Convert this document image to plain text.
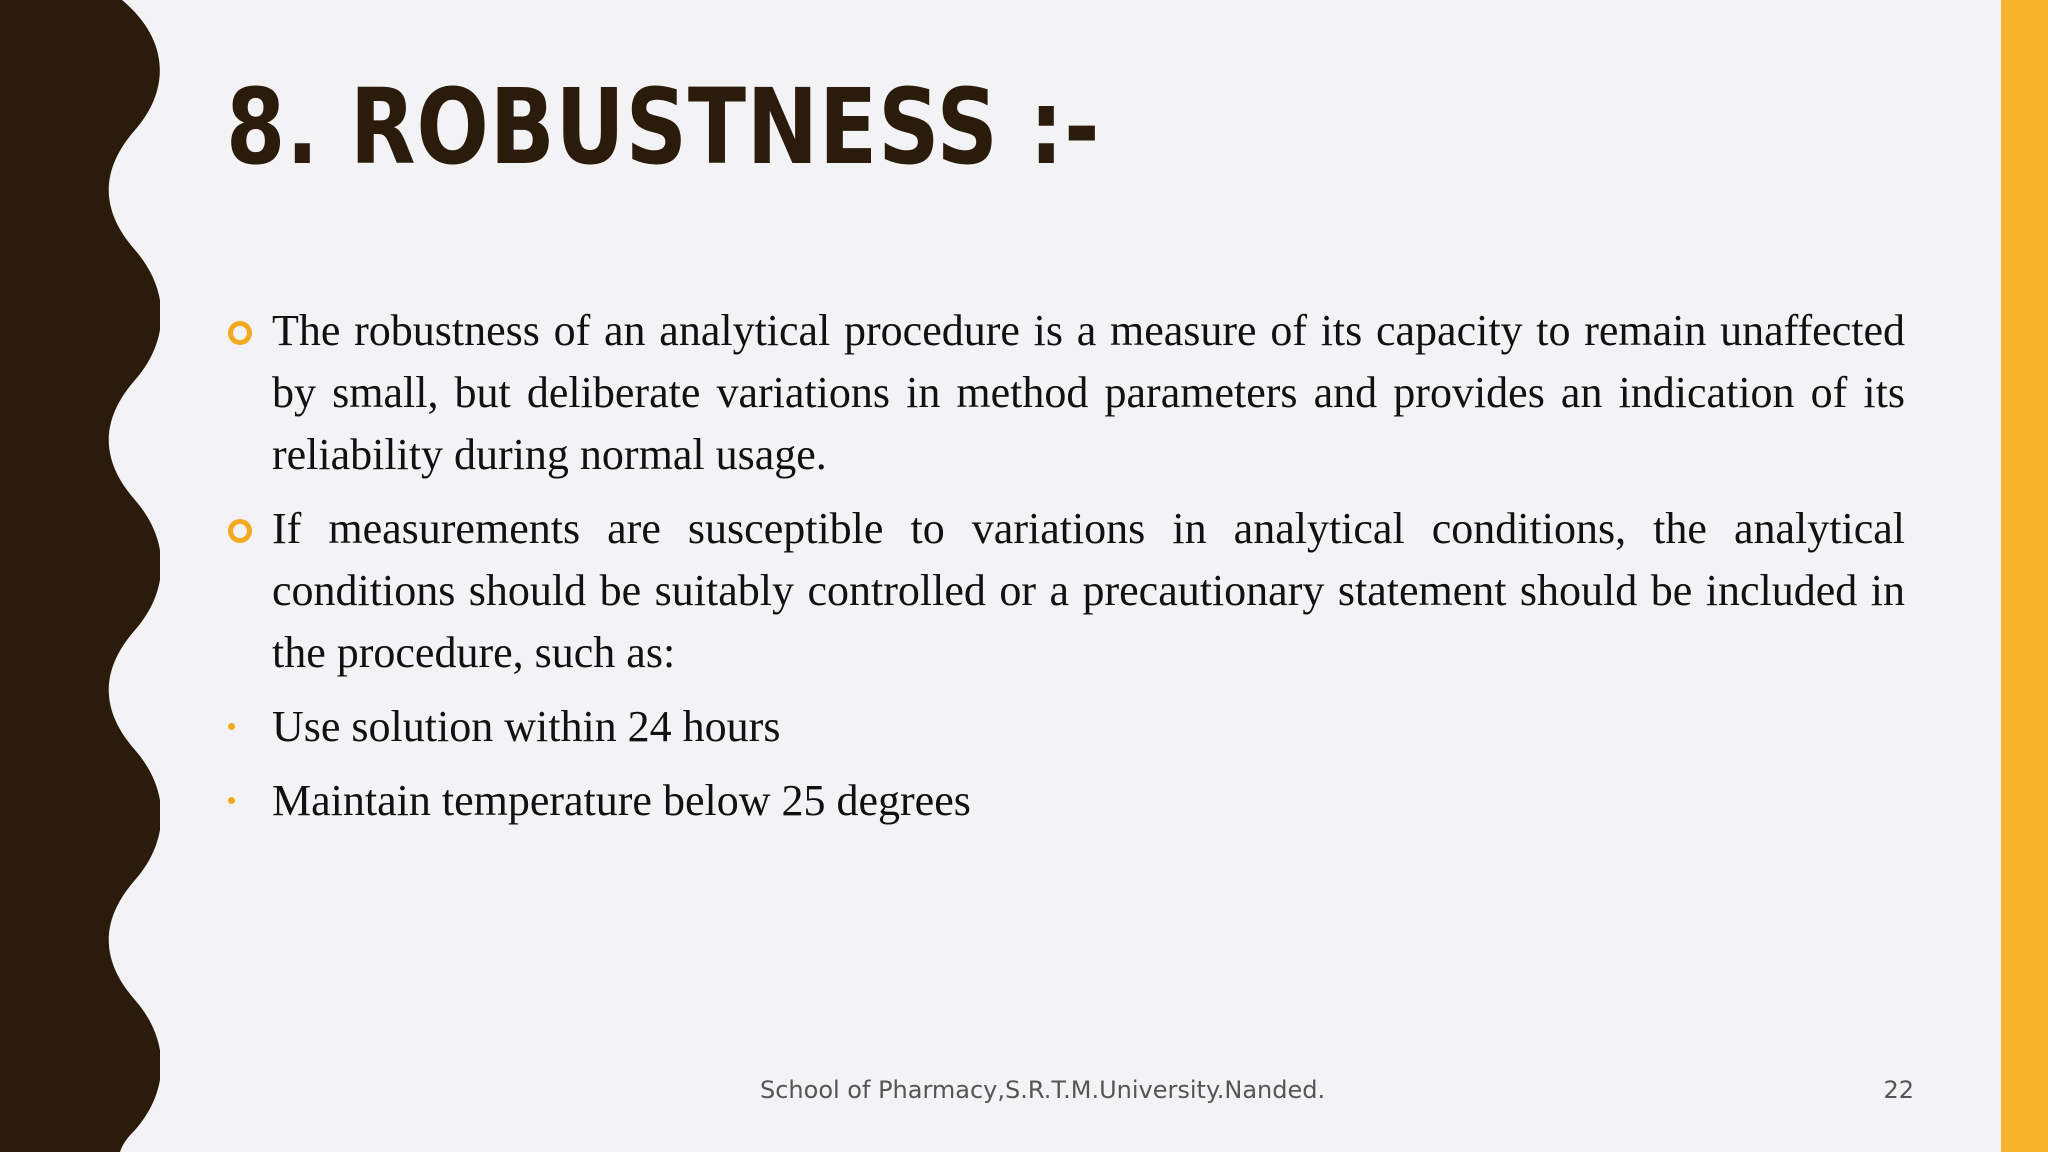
8. ROBUSTNESS :-
The robustness of an analytical procedure is a measure of its capacity to remain unaffected by small, but deliberate variations in method parameters and provides an indication of its reliability during normal usage.
If measurements are susceptible to variations in analytical conditions, the analytical conditions should be suitably controlled or a precautionary statement should be included in the procedure, such as:
Use solution within 24 hours
Maintain temperature below 25 degrees
School of Pharmacy,S.R.T.M.University.Nanded.	22
